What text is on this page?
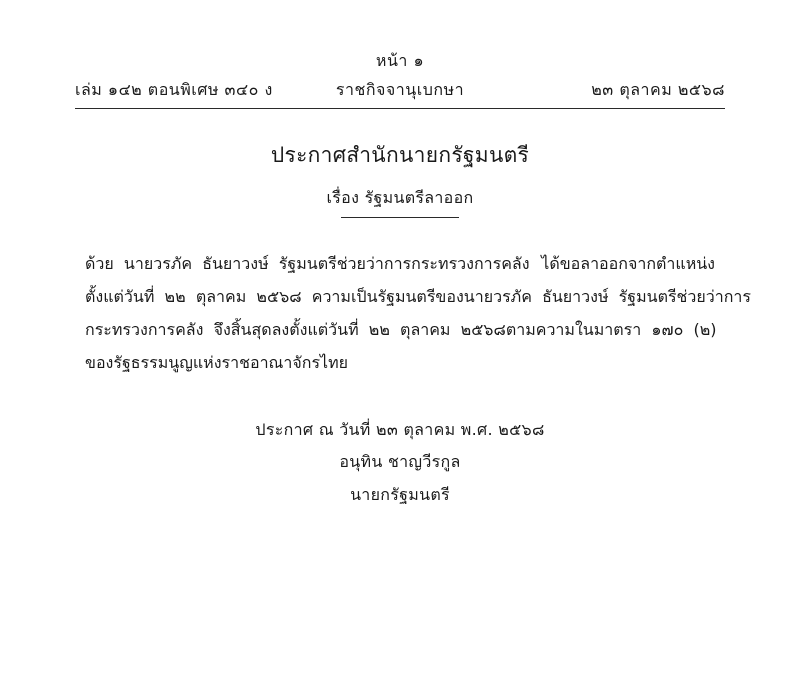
หน้า ๑
เล่ม ๑๔๒ ตอนพิเศษ ๓๔๐ ง	ราชกิจจานุเบกษา	๒๓ ตุลาคม ๒๕๖๘
ประกาศสำนักนายกรัฐมนตรี
เรื่อง รัฐมนตรีลาออก

ด้วย  นายวรภัค  ธันยาวงษ์  รัฐมนตรีช่วยว่าการกระทรวงการคลัง ได้ขอลาออกจากตำแหน่ง
ตั้งแต่วันที่  ๒๒  ตุลาคม  ๒๕๖๘  ความเป็นรัฐมนตรีของ นายวรภัค  ธันยาวงษ์  รัฐมนตรีช่วยว่าการ
กระทรวงการคลัง  จึงสิ้นสุดลงตั้งแต่วันที่  ๒๒  ตุลาคม  ๒๕๖๘ ตามความในมาตรา  ๑๗๐  (๒)
ของรัฐธรรมนูญแห่งราชอาณาจักรไทย

ประกาศ ณ วันที่ ๒๓ ตุลาคม พ.ศ. ๒๕๖๘
อนุทิน ชาญวีรกูล
นายกรัฐมนตรี
